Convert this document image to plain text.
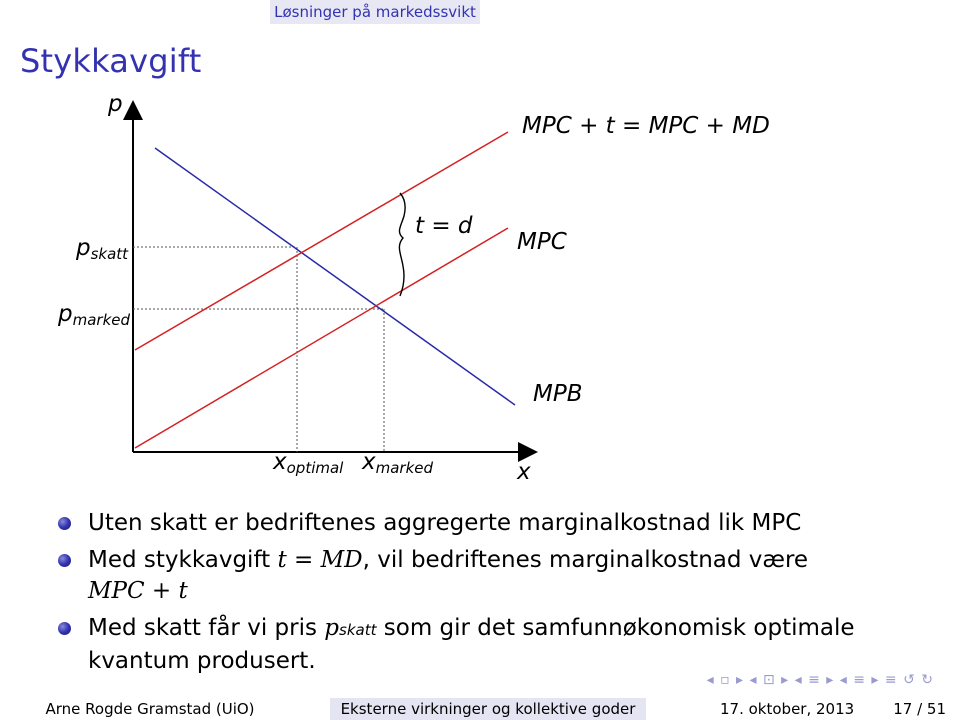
Løsninger på markedssvikt
Stykkavgift
p
x
MPC + t = MPC + MD
t = d
MPC
MPB
pskatt
pmarked
xoptimal xmarked
Uten skatt er bedriftenes aggregerte marginalkostnad lik MPC
Med stykkavgift t = MD, vil bedriftenes marginalkostnad være
MPC + t
Med skatt får vi pris pskatt som gir det samfunnøkonomisk optimale kvantum produsert.
◂ ▫ ▸ ◂ ⊡ ▸ ◂ ≡ ▸ ◂ ≡ ▸ ≡ ↺ ↻
Arne Rogde Gramstad (UiO)	Eksterne virkninger og kollektive goder	17. oktober, 2013	17 / 51
